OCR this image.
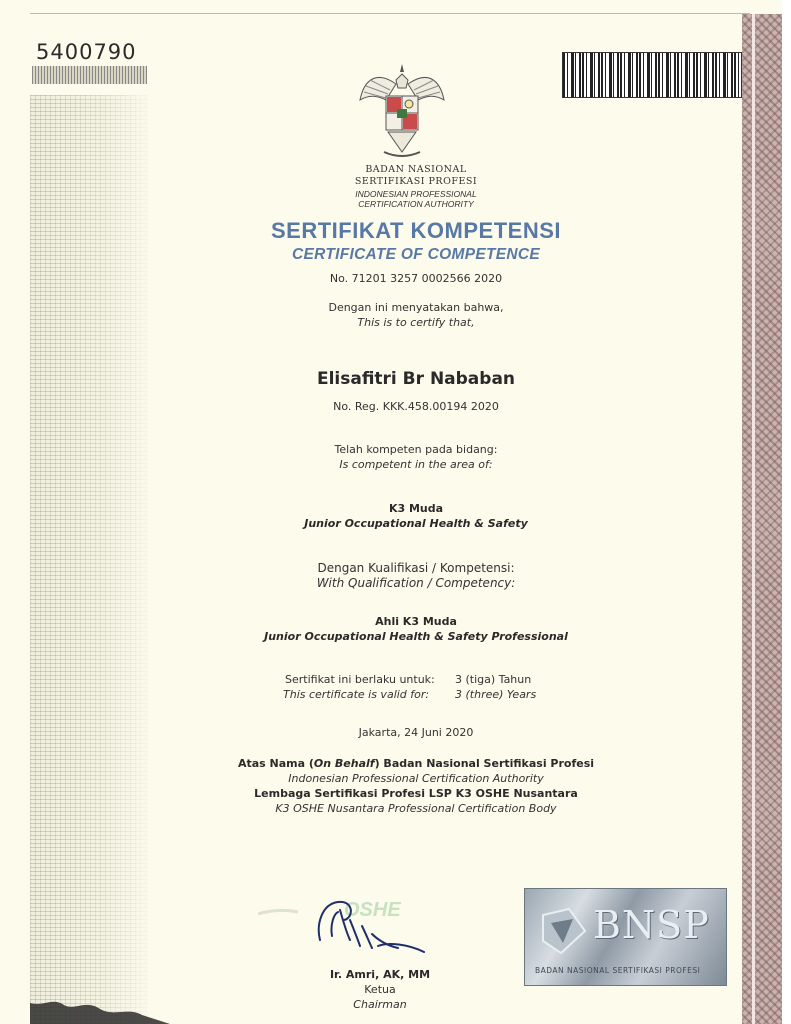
5400790
BADAN NASIONAL
SERTIFIKASI PROFESI
INDONESIAN PROFESSIONAL
CERTIFICATION AUTHORITY
SERTIFIKAT KOMPETENSI
CERTIFICATE OF COMPETENCE
No. 71201 3257 0002566 2020
Dengan ini menyatakan bahwa,
This is to certify that,
Elisafitri Br Nababan
No. Reg. KKK.458.00194 2020
Telah kompeten pada bidang:
Is competent in the area of:
K3 Muda
Junior Occupational Health & Safety
Dengan Kualifikasi / Kompetensi:
With Qualification / Competency:
Ahli K3 Muda
Junior Occupational Health & Safety Professional
Sertifikat ini berlaku untuk: 3 (tiga) Tahun
This certificate is valid for: 3 (three) Years
Jakarta, 24 Juni 2020
Atas Nama (On Behalf) Badan Nasional Sertifikasi Profesi
Indonesian Professional Certification Authority
Lembaga Sertifikasi Profesi LSP K3 OSHE Nusantara
K3 OSHE Nusantara Professional Certification Body
OSHE
Ir. Amri, AK, MM
Ketua
Chairman
BNSP
BADAN NASIONAL SERTIFIKASI PROFESI
